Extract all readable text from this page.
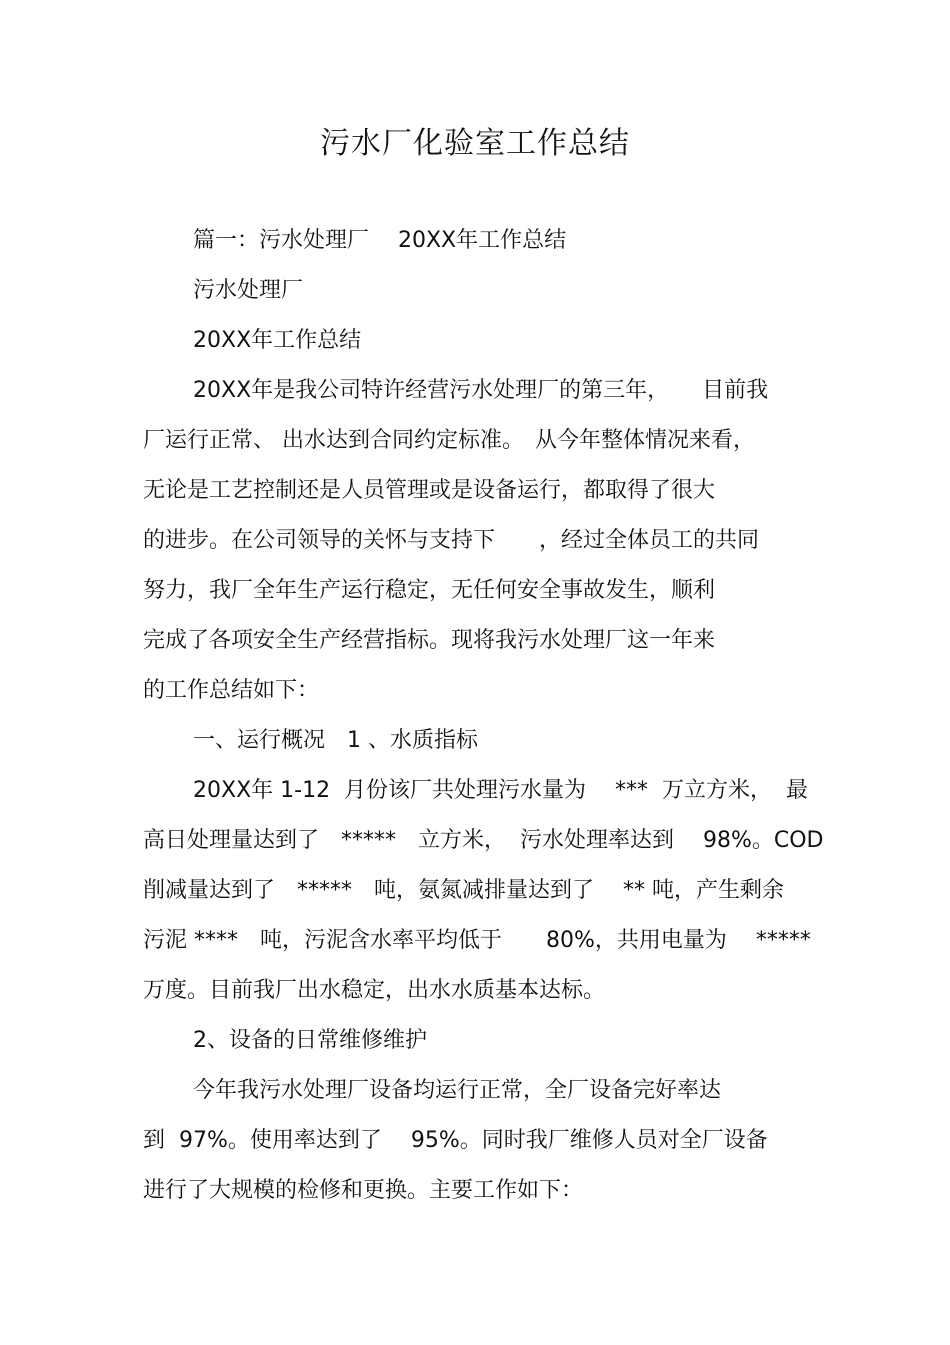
污水厂化验室工作总结
篇一：污水处理厂　 20XX年工作总结
污水处理厂
20XX年工作总结
20XX年是我公司特许经营污水处理厂的第三年，　　目前我
厂运行正常、 出水达到合同约定标准。　从今年整体情况来看，
无论是工艺控制还是人员管理或是设备运行，都取得了很大
的进步。在公司领导的关怀与支持下　　，经过全体员工的共同
努力，我厂全年生产运行稳定，无任何安全事故发生，顺利
完成了各项安全生产经营指标。现将我污水处理厂这一年来
的工作总结如下：
一、运行概况　1 、水质指标
20XX年 1-12  月份该厂共处理污水量为　 ***  万立方米，  最
高日处理量达到了　*****　立方米，  污水处理率达到　 98%。COD
削减量达到了　*****　吨，氨氮减排量达到了　 ** 吨，产生剩余
污泥 ****　吨，污泥含水率平均低于　　80%，共用电量为　 *****
万度。目前我厂出水稳定，出水水质基本达标。
2、设备的日常维修维护
今年我污水处理厂设备均运行正常，全厂设备完好率达
到  97%。使用率达到了　 95%。同时我厂维修人员对全厂设备
进行了大规模的检修和更换。主要工作如下：
